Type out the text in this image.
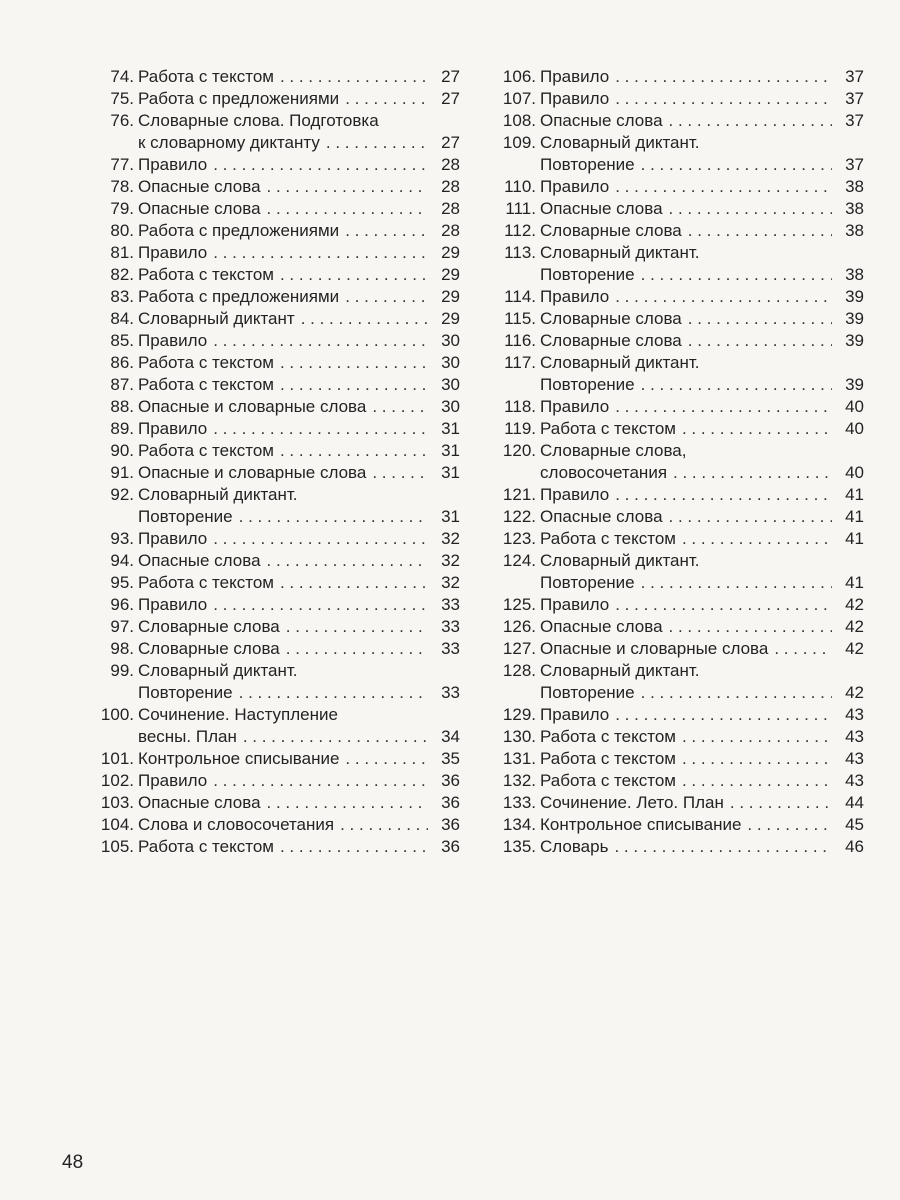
74. Работа с текстом . . .	27
75. Работа с предложениями . . .	27
76. Словарные слова. Подготовка
к словарному диктанту . . .	27
77. Правило . . .	28
78. Опасные слова . . .	28
79. Опасные слова . . .	28
80. Работа с предложениями . . .	28
81. Правило . . .	29
82. Работа с текстом . . .	29
83. Работа с предложениями . . .	29
84. Словарный диктант . . .	29
85. Правило . . .	30
86. Работа с текстом . . .	30
87. Работа с текстом . . .	30
88. Опасные и словарные слова . . .	30
89. Правило . . .	31
90. Работа с текстом . . .	31
91. Опасные и словарные слова . . .	31
92. Словарный диктант.
Повторение . . .	31
93. Правило . . .	32
94. Опасные слова . . .	32
95. Работа с текстом . . .	32
96. Правило . . .	33
97. Словарные слова . . .	33
98. Словарные слова . . .	33
99. Словарный диктант.
Повторение . . .	33
100. Сочинение. Наступление
весны. План . . .	34
101. Контрольное списывание . . .	35
102. Правило . . .	36
103. Опасные слова . . .	36
104. Слова и словосочетания . . .	36
105. Работа с текстом . . .	36
106. Правило . . .	37
107. Правило . . .	37
108. Опасные слова . . .	37
109. Словарный диктант.
Повторение . . .	37
110. Правило . . .	38
111. Опасные слова . . .	38
112. Словарные слова . . .	38
113. Словарный диктант.
Повторение . . .	38
114. Правило . . .	39
115. Словарные слова . . .	39
116. Словарные слова . . .	39
117. Словарный диктант.
Повторение . . .	39
118. Правило . . .	40
119. Работа с текстом . . .	40
120. Словарные слова,
словосочетания . . .	40
121. Правило . . .	41
122. Опасные слова . . .	41
123. Работа с текстом . . .	41
124. Словарный диктант.
Повторение . . .	41
125. Правило . . .	42
126. Опасные слова . . .	42
127. Опасные и словарные слова . . .	42
128. Словарный диктант.
Повторение . . .	42
129. Правило . . .	43
130. Работа с текстом . . .	43
131. Работа с текстом . . .	43
132. Работа с текстом . . .	43
133. Сочинение. Лето. План . . .	44
134. Контрольное списывание . . .	45
135. Словарь . . .	46
48
